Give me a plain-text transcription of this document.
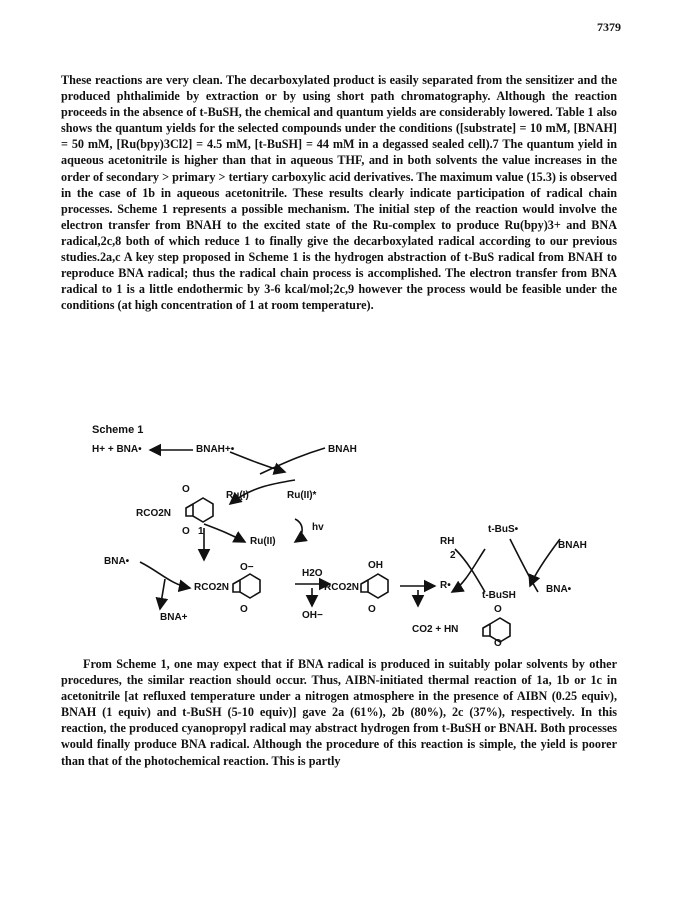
7379

These reactions are very clean. The decarboxylated product is easily separated from the sensitizer and the produced phthalimide by extraction or by using short path chromatography. Although the reaction proceeds in the absence of t-BuSH, the chemical and quantum yields are considerably lowered. Table 1 also shows the quantum yields for the selected compounds under the conditions ([substrate] = 10 mM, [BNAH] = 50 mM, [Ru(bpy)3Cl2] = 4.5 mM, [t-BuSH] = 44 mM in a degassed sealed cell).7 The quantum yield in aqueous acetonitrile is higher than that in aqueous THF, and in both solvents the value increases in the order of secondary > primary > tertiary carboxylic acid derivatives. The maximum value (15.3) is observed in the case of 1b in aqueous acetonitrile. These results clearly indicate participation of radical chain processes. Scheme 1 represents a possible mechanism. The initial step of the reaction would involve the electron transfer from BNAH to the excited state of the Ru-complex to produce Ru(bpy)3+ and BNA radical,2c,8 both of which reduce 1 to finally give the decarboxylated radical according to our previous studies.2a,c A key step proposed in Scheme 1 is the hydrogen abstraction of t-BuS radical from BNAH to reproduce BNA radical; thus the radical chain process is accomplished. The electron transfer from BNA radical to 1 is a little endothermic by 3-6 kcal/mol;2c,9 however the process would be feasible under the conditions (at high concentration of 1 at room temperature).

Scheme 1
H+ + BNA•	BNAH+•	BNAH
Ru(I)	Ru(II)*
hv
Ru(II)
O
RCO2N
O 1
BNA•
BNA+
O−
RCO2N
O
H2O
OH−
OH
RCO2N
O
R•
O
CO2 + HN
O
RH
2
t-BuS•
t-BuSH
BNAH
BNA•

From Scheme 1, one may expect that if BNA radical is produced in suitably polar solvents by other procedures, the similar reaction should occur. Thus, AIBN-initiated thermal reaction of 1a, 1b or 1c in acetonitrile [at refluxed temperature under a nitrogen atmosphere in the presence of AIBN (0.25 equiv), BNAH (1 equiv) and t-BuSH (5-10 equiv)] gave 2a (61%), 2b (80%), 2c (37%), respectively. In this reaction, the produced cyanopropyl radical may abstract hydrogen from t-BuSH or BNAH. Both processes would finally produce BNA radical. Although the procedure of this reaction is simple, the yield is poorer than that of the photochemical reaction. This is partly
